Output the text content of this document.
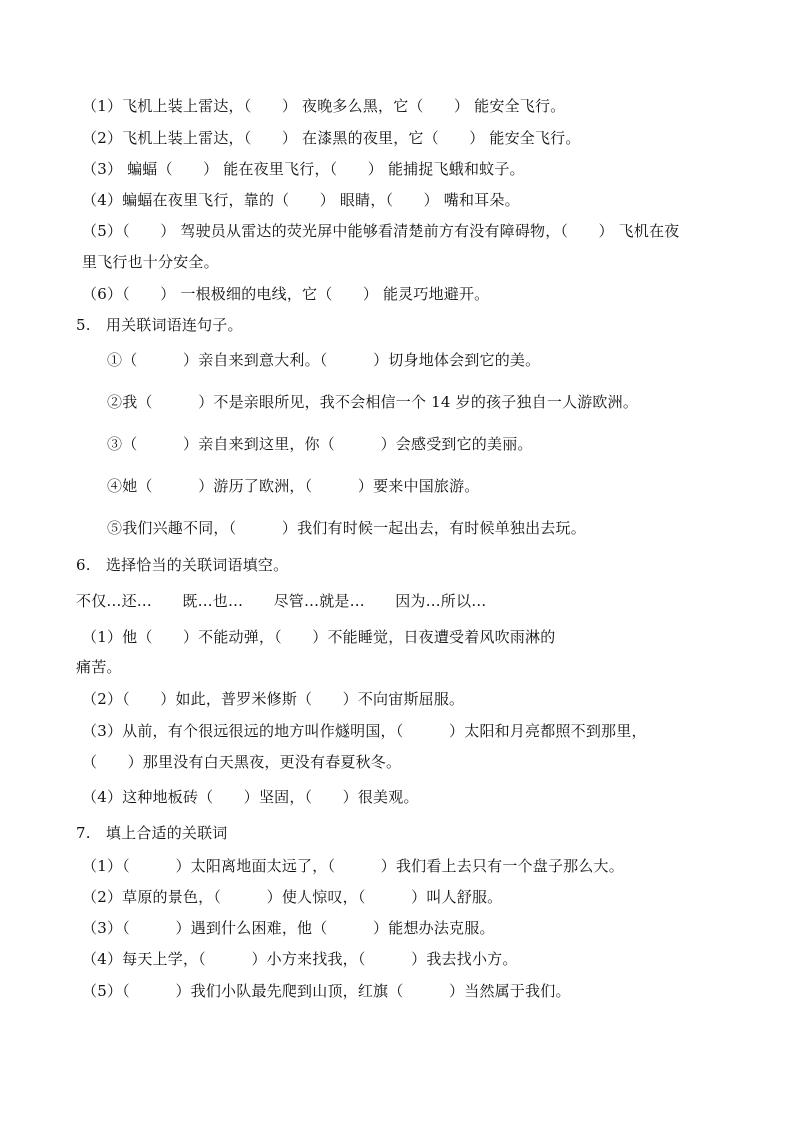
（1）飞机上装上雷达，（　　） 夜晚多么黑，它（　　） 能安全飞行。
（2）飞机上装上雷达，（　　） 在漆黑的夜里，它（　　） 能安全飞行。
（3） 蝙蝠（　　） 能在夜里飞行，（　　） 能捕捉飞蛾和蚊子。
（4）蝙蝠在夜里飞行，靠的（　　） 眼睛，（　　） 嘴和耳朵。
（5）（　　） 驾驶员从雷达的荧光屏中能够看清楚前方有没有障碍物，（　　） 飞机在夜
里飞行也十分安全。
（6）（　　） 一根极细的电线，它（　　） 能灵巧地避开。
5.　用关联词语连句子。
①（　　　）亲自来到意大利。（　　　）切身地体会到它的美。
②我（　　　）不是亲眼所见，我不会相信一个 14 岁的孩子独自一人游欧洲。
③（　　　）亲自来到这里，你（　　　）会感受到它的美丽。
④她（　　　）游历了欧洲，（　　　）要来中国旅游。
⑤我们兴趣不同，（　　　）我们有时候一起出去，有时候单独出去玩。
6.　选择恰当的关联词语填空。
不仅…还…　　既…也…　　尽管…就是…　　因为…所以…
（1）他（　　）不能动弹，（　　）不能睡觉，日夜遭受着风吹雨淋的
痛苦。
（2）（　　）如此，普罗米修斯（　　）不向宙斯屈服。
（3）从前，有个很远很远的地方叫作燧明国，（　　　）太阳和月亮都照不到那里，
（　　）那里没有白天黑夜，更没有春夏秋冬。
（4）这种地板砖（　　）坚固，（　　）很美观。
7.　填上合适的关联词
（1）（　　　）太阳离地面太远了，（　　　）我们看上去只有一个盘子那么大。
（2）草原的景色，（　　　）使人惊叹，（　　　）叫人舒服。
（3）（　　　）遇到什么困难，他（　　　）能想办法克服。
（4）每天上学，（　　　）小方来找我，（　　　）我去找小方。
（5）（　　　）我们小队最先爬到山顶，红旗（　　　）当然属于我们。
